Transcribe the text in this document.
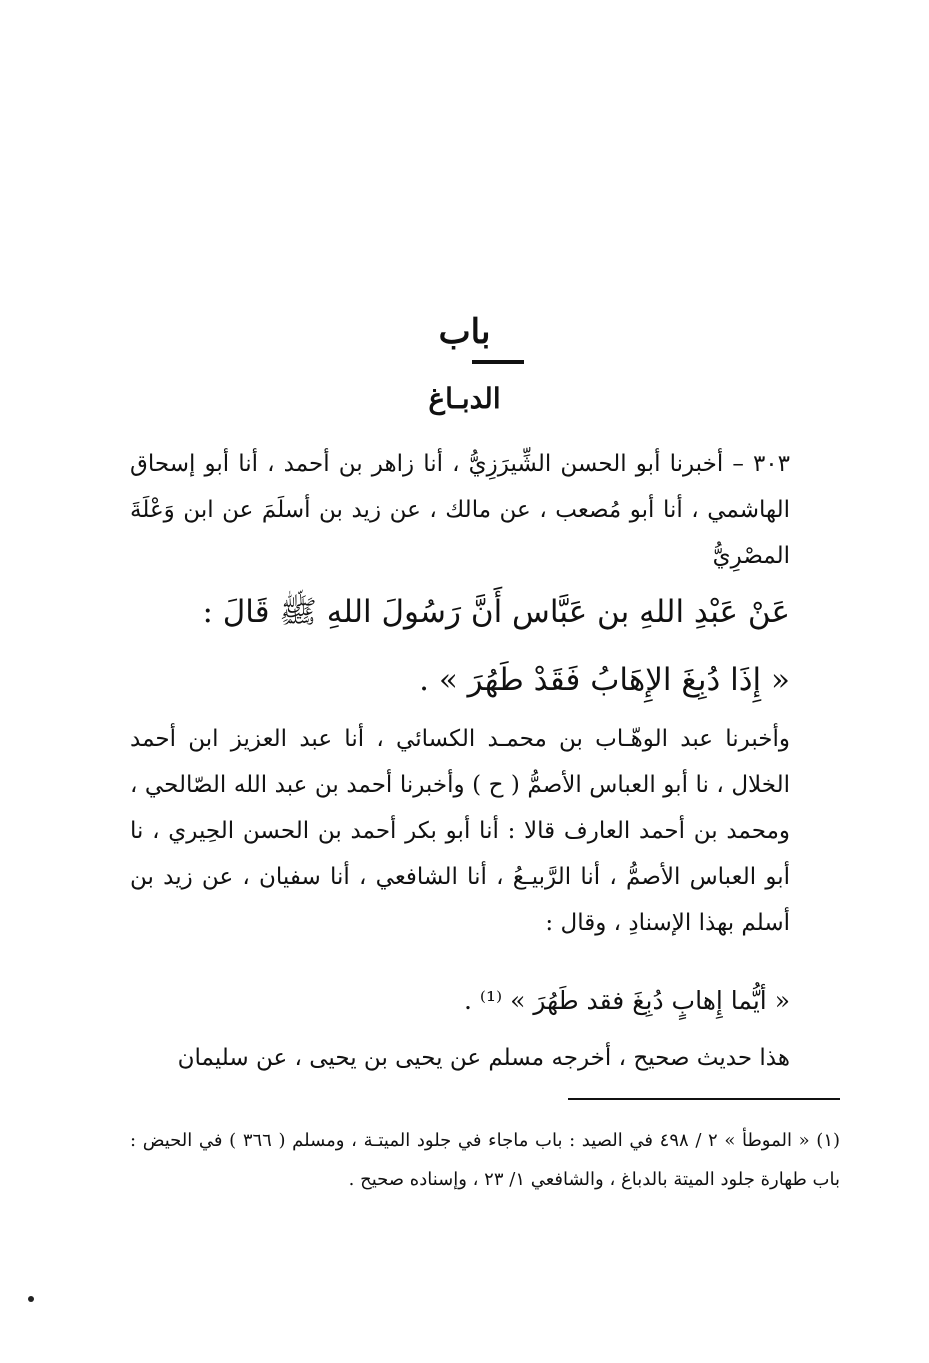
باب
الدبـاغ
٣٠٣ – أخبرنا أبو الحسن الشِّيرَزِيُّ ، أنا زاهر بن أحمد ، أنا أبو إسحاق الهاشمي ، أنا أبو مُصعب ، عن مالك ، عن زيد بن أسلَمَ عن ابن وَعْلَةَ المصْرِيُّ
عَنْ عَبْدِ اللهِ بن عَبَّاس أَنَّ رَسُولَ اللهِ ﷺ قَالَ :
« إِذَا دُبِغَ الإِهَابُ فَقَدْ طَهُرَ » .
وأخبرنا عبد الوهّـاب بن محمـد الكسائي ، أنا عبد العزيز ابن أحمد الخلال ، نا أبو العباس الأصمُّ ( ح ) وأخبرنا أحمد بن عبد الله الصّالحي ، ومحمد بن أحمد العارف قالا : أنا أبو بكر أحمد بن الحسن الحِيري ، نا أبو العباس الأصمُّ ، أنا الرَّبيـعُ ، أنا الشافعي ، أنا سفيان ، عن زيد بن أسلم بهذا الإسنادِ ، وقال :
« أيُّما إِهابٍ دُبِغَ فقد طَهُرَ » ⁽¹⁾ .
هذا حديث صحيح ، أخرجه مسلم عن يحيى بن يحيى ، عن سليمان
(١) « الموطأ » ٢ / ٤٩٨ في الصيد : باب ماجاء في جلود الميتـة ، ومسلم ( ٣٦٦ ) في الحيض : باب طهارة جلود الميتة بالدباغ ، والشافعي ١/ ٢٣ ، وإسناده صحيح .
